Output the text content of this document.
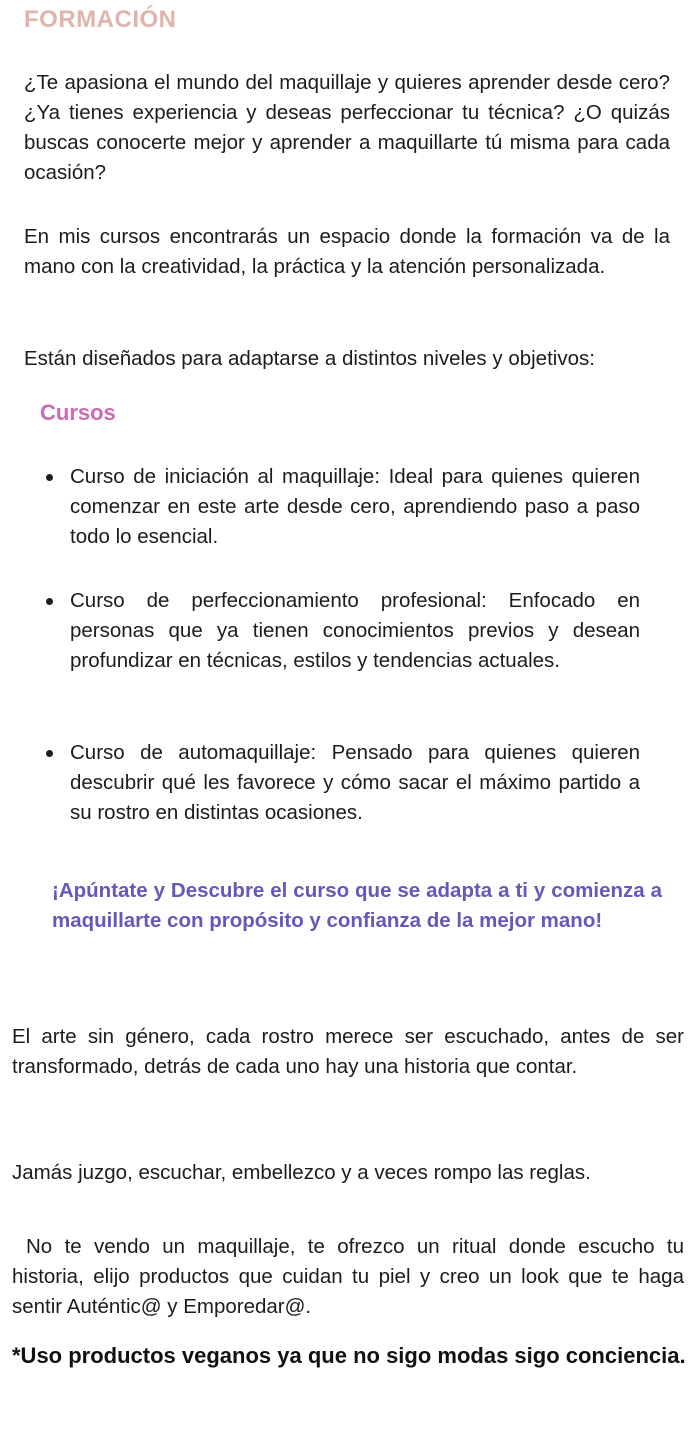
FORMACIÓN

¿Te apasiona el mundo del maquillaje y quieres aprender desde cero? ¿Ya tienes experiencia y deseas perfeccionar tu técnica? ¿O quizás buscas conocerte mejor y aprender a maquillarte tú misma para cada ocasión?

En mis cursos encontrarás un espacio donde la formación va de la mano con la creatividad, la práctica y la atención personalizada.

Están diseñados para adaptarse a distintos niveles y objetivos:

Cursos
Curso de iniciación al maquillaje: Ideal para quienes quieren comenzar en este arte desde cero, aprendiendo paso a paso todo lo esencial.
Curso de perfeccionamiento profesional: Enfocado en personas que ya tienen conocimientos previos y desean profundizar en técnicas, estilos y tendencias actuales.
Curso de automaquillaje: Pensado para quienes quieren descubrir qué les favorece y cómo sacar el máximo partido a su rostro en distintas ocasiones.

¡Apúntate y Descubre el curso que se adapta a ti y comienza a maquillarte con propósito y confianza de la mejor mano!

El arte sin género, cada rostro merece ser escuchado, antes de ser transformado, detrás de cada uno hay una historia que contar.

Jamás juzgo, escuchar, embellezco y a veces rompo las reglas.

No te vendo un maquillaje, te ofrezco un ritual donde escucho tu historia, elijo productos que cuidan tu piel y creo un look que te haga sentir Auténtic@ y Emporedar@.

*Uso productos veganos ya que no sigo modas sigo conciencia.
